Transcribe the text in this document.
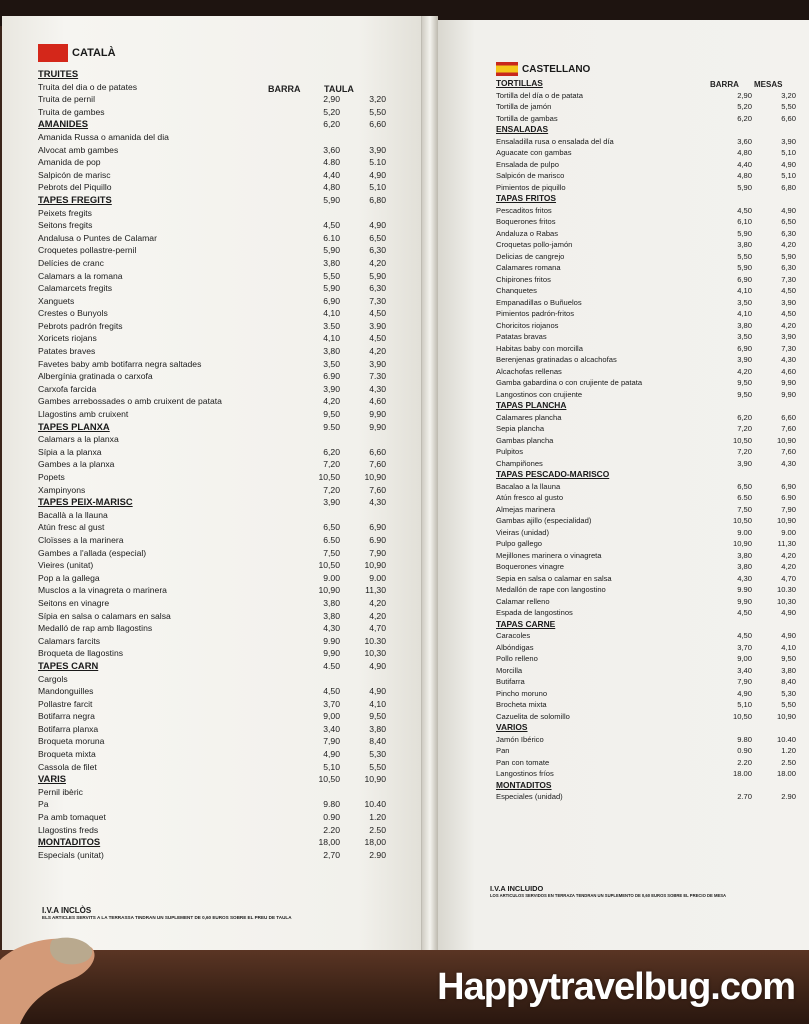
CATALÀ
BARRA	TAULA
TRUITES
Truita del dia o de patates
Truita de pernil	2,90	3,20
Truita de gambes	5,20	5,50
AMANIDES	6,20	6,60
Amanida Russa o amanida del dia
Alvocat amb gambes	3,60	3,90
Amanida de pop	4.80	5.10
Salpicón de marisc	4,40	4,90
Pebrots del Piquillo	4,80	5,10
TAPES FREGITS	5,90	6,80
Peixets fregits
Seitons fregits	4,50	4,90
Andalusa o Puntes de Calamar	6.10	6,50
Croquetes pollastre-pernil	5,90	6,30
Delícies de cranc	3,80	4,20
Calamars a la romana	5,50	5,90
Calamarcets fregits	5,90	6,30
Xanguets	6,90	7,30
Crestes o Bunyols	4,10	4,50
Pebrots padrón fregits	3.50	3.90
Xoricets riojans	4,10	4,50
Patates braves	3,80	4,20
Favetes baby amb botifarra negra saltades	3,50	3,90
Albergínia gratinada o carxofa	6.90	7.30
Carxofa farcida	3,90	4,30
Gambes arrebossades o amb cruixent de patata	4,20	4,60
Llagostins amb cruixent	9,50	9,90
TAPES PLANXA	9.50	9,90
Calamars a la planxa
Sípia a la planxa	6,20	6,60
Gambes a la planxa	7,20	7,60
Popets	10,50	10,90
Xampinyons	7,20	7,60
TAPES PEIX-MARISC	3,90	4,30
Bacallà a la llauna
Atún fresc al gust	6,50	6,90
Cloïsses a la marinera	6.50	6.90
Gambes a l'allada (especial)	7,50	7,90
Vieires (unitat)	10,50	10,90
Pop a la gallega	9.00	9.00
Musclos a la vinagreta o marinera	10,90	11,30
Seitons en vinagre	3,80	4,20
Sípia en salsa o calamars en salsa	3,80	4,20
Medalló de rap amb llagostins	4,30	4,70
Calamars farcits	9.90	10.30
Broqueta de llagostins	9,90	10,30
TAPES CARN	4.50	4,90
Cargols
Mandonguilles	4,50	4,90
Pollastre farcit	3,70	4,10
Botifarra negra	9,00	9,50
Botifarra planxa	3,40	3,80
Broqueta moruna	7,90	8,40
Broqueta mixta	4,90	5,30
Cassola de filet	5,10	5,50
VARIS	10,50	10,90
Pernil ibèric
Pa	9.80	10.40
Pa amb tomaquet	0.90	1.20
Llagostins freds	2.20	2.50
MONTADITOS	18,00	18,00
Especials (unitat)	2,70	2.90
I.V.A INCLÒS
ELS ARTICLES SERVITS A LA TERRASSA TINDRAN UN SUPLEMENT DE 0,60 EUROS SOBRE EL PREU DE TAULA
CASTELLANO
BARRA MESAS
TORTILLAS
Tortilla del día o de patata	2,90	3,20
Tortilla de jamón	5,20	5,50
Tortilla de gambas	6,20	6,60
ENSALADAS
Ensaladilla rusa o ensalada del día	3,60	3,90
Aguacate con gambas	4,80	5,10
Ensalada de pulpo	4,40	4,90
Salpicón de marisco	4,80	5,10
Pimientos de piquillo	5,90	6,80
TAPAS FRITOS
Pescaditos fritos	4,50	4,90
Boquerones fritos	6,10	6,50
Andaluza o Rabas	5,90	6,30
Croquetas pollo-jamón	3,80	4,20
Delicias de cangrejo	5,50	5,90
Calamares romana	5,90	6,30
Chipirones fritos	6,90	7,30
Chanquetes	4,10	4,50
Empanadillas o Buñuelos	3,50	3,90
Pimientos padrón-fritos	4,10	4,50
Choricitos riojanos	3,80	4,20
Patatas bravas	3,50	3,90
Habitas baby con morcilla	6,90	7,30
Berenjenas gratinadas o alcachofas	3,90	4,30
Alcachofas rellenas	4,20	4,60
Gamba gabardina o con crujiente de patata	9,50	9,90
Langostinos con crujiente	9,50	9,90
TAPAS PLANCHA
Calamares plancha	6,20	6,60
Sepia plancha	7,20	7,60
Gambas plancha	10,50	10,90
Pulpitos	7,20	7,60
Champiñones	3,90	4,30
TAPAS PESCADO-MARISCO
Bacalao a la llauna	6,50	6,90
Atún fresco al gusto	6.50	6.90
Almejas marinera	7,50	7,90
Gambas ajillo (especialidad)	10,50	10,90
Vieiras (unidad)	9.00	9.00
Pulpo gallego	10,90	11,30
Mejillones marinera o vinagreta	3,80	4,20
Boquerones vinagre	3,80	4,20
Sepia en salsa o calamar en salsa	4,30	4,70
Medallón de rape con langostino	9.90	10.30
Calamar relleno	9,90	10,30
Espada de langostinos	4,50	4,90
TAPAS CARNE
Caracoles	4,50	4,90
Albóndigas	3,70	4,10
Pollo relleno	9,00	9,50
Morcilla	3,40	3,80
Butifarra	7,90	8,40
Pincho moruno	4,90	5,30
Brocheta mixta	5,10	5,50
Cazuelita de solomillo	10,50	10,90
VARIOS
Jamón Ibérico	9.80	10.40
Pan	0.90	1.20
Pan con tomate	2.20	2.50
Langostinos fríos	18.00	18.00
MONTADITOS
Especiales (unidad)	2.70	2.90
I.V.A INCLUIDO
LOS ARTICULOS SERVIDOS EN TERRAZA TENDRAN UN SUPLEMENTO DE 0,60 EUROS SOBRE EL PRECIO DE MESA
Happytravelbug.com
